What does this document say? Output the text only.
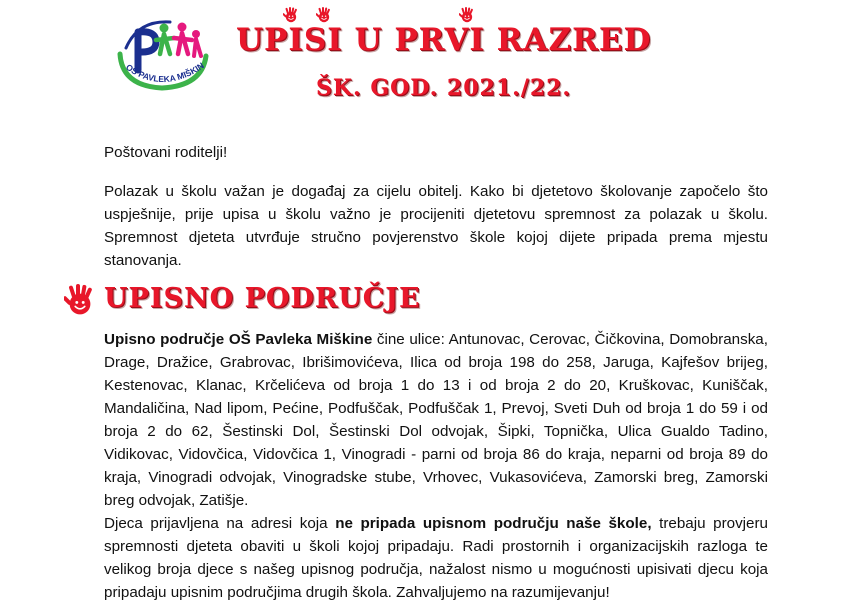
OŠ PAVLEKA MIŠKIN
UPISI U PRVI RAZRED
ŠK. GOD. 2021./22.

Poštovani roditelji!

Polazak u školu važan je događaj za cijelu obitelj. Kako bi djetetovo školovanje započelo što uspješnije, prije upisa u školu važno je procijeniti djetetovu spremnost za polazak u školu. Spremnost djeteta utvrđuje stručno povjerenstvo škole kojoj dijete pripada prema mjestu stanovanja.

UPISNO PODRUČJE

Upisno područje OŠ Pavleka Miškine čine ulice: Antunovac, Cerovac, Čičkovina, Domobranska, Drage, Dražice, Grabrovac, Ibrišimovićeva, Ilica od broja 198 do 258, Jaruga, Kajfešov brijeg, Kestenovac, Klanac, Krčelićeva od broja 1 do 13 i od broja 2 do 20, Kruškovac, Kuniščak, Mandaličina, Nad lipom, Pećine, Podfuščak, Podfuščak 1, Prevoj, Sveti Duh od broja 1 do 59 i od broja 2 do 62, Šestinski Dol, Šestinski Dol odvojak, Šipki, Topnička, Ulica Gualdo Tadino, Vidikovac, Vidovčica, Vidovčica 1, Vinogradi - parni od broja 86 do kraja, neparni od broja 89 do kraja, Vinogradi odvojak, Vinogradske stube, Vrhovec, Vukasovićeva, Zamorski breg, Zamorski breg odvojak, Zatišje.

Djeca prijavljena na adresi koja ne pripada upisnom području naše škole, trebaju provjeru spremnosti djeteta obaviti u školi kojoj pripadaju. Radi prostornih i organizacijskih razloga te velikog broja djece s našeg upisnog područja, nažalost nismo u mogućnosti upisivati djecu koja pripadaju upisnim područjima drugih škola. Zahvaljujemo na razumijevanju!
